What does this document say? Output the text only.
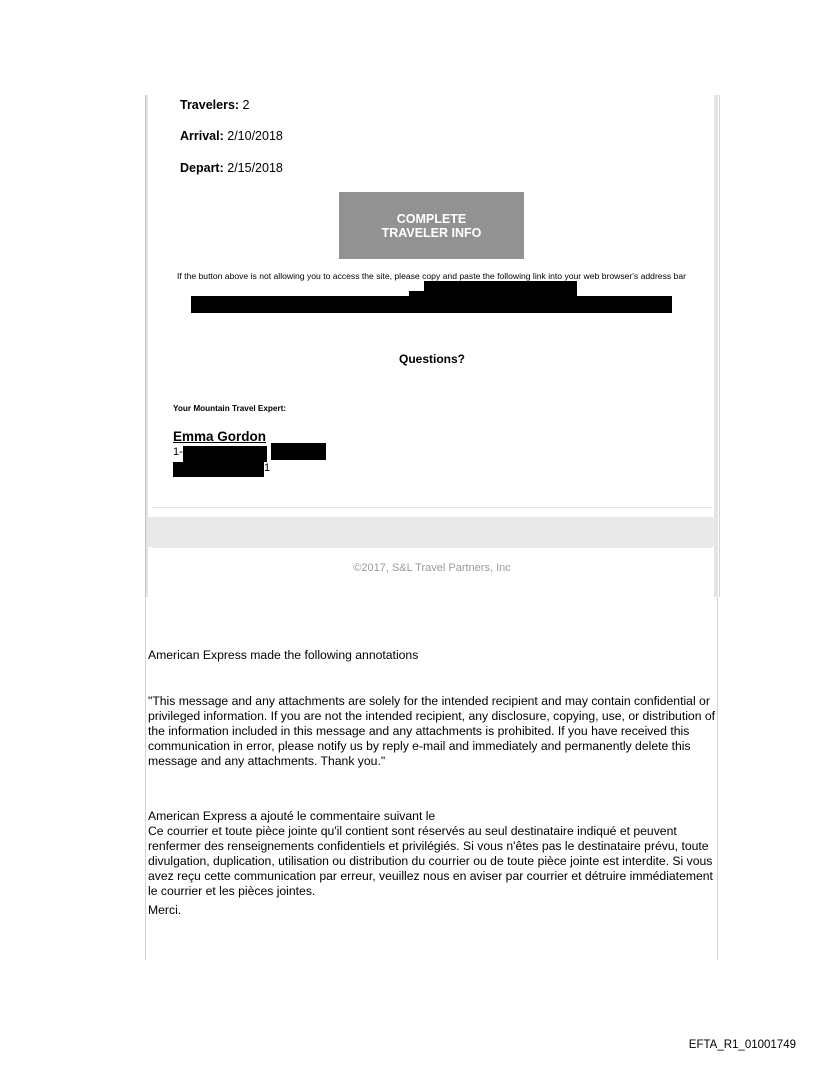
Travelers: 2
Arrival: 2/10/2018
Depart: 2/15/2018
COMPLETE TRAVELER INFO
If the button above is not allowing you to access the site, please copy and paste the following link into your web browser's address bar
Questions?
Your Mountain Travel Expert:
Emma Gordon
1-
1
©2017, S&L Travel Partners, Inc
American Express made the following annotations
"This message and any attachments are solely for the intended recipient and may contain confidential or privileged information. If you are not the intended recipient, any disclosure, copying, use, or distribution of the information included in this message and any attachments is prohibited. If you have received this communication in error, please notify us by reply e-mail and immediately and permanently delete this message and any attachments. Thank you."
American Express a ajouté le commentaire suivant le
Ce courrier et toute pièce jointe qu'il contient sont réservés au seul destinataire indiqué et peuvent renfermer des renseignements confidentiels et privilégiés. Si vous n'êtes pas le destinataire prévu, toute divulgation, duplication, utilisation ou distribution du courrier ou de toute pièce jointe est interdite. Si vous avez reçu cette communication par erreur, veuillez nous en aviser par courrier et détruire immédiatement le courrier et les pièces jointes.
Merci.
EFTA_R1_01001749
